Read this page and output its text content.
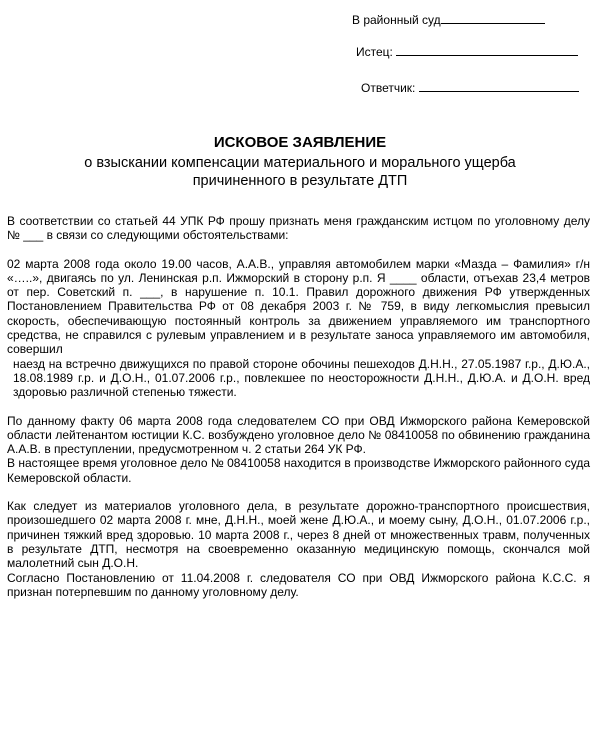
В районный суд
Истец:
Ответчик:
ИСКОВОЕ ЗАЯВЛЕНИЕ
о взыскании компенсации материального и морального ущерба причиненного в результате ДТП

В соответствии со статьей 44 УПК РФ прошу признать меня гражданским истцом по уголовному делу № ___ в связи со следующими обстоятельствами:

02 марта 2008 года около 19.00 часов, А.А.В., управляя автомобилем марки «Мазда – Фамилия» г/н «…..», двигаясь по ул. Ленинская р.п. Ижморский в сторону р.п. Я ____ области, отъехав 23,4 метров от пер. Советский п. ___, в нарушение п. 10.1. Правил дорожного движения РФ утвержденных Постановлением Правительства РФ от 08 декабря 2003 г. № 759, в виду легкомыслия превысил скорость, обеспечивающую постоянный контроль за движением управляемого им транспортного средства, не справился с рулевым управлением и в результате заноса управляемого им автомобиля, совершил

наезд на встречно движущихся по правой стороне обочины пешеходов Д.Н.Н., 27.05.1987 г.р., Д.Ю.А., 18.08.1989 г.р. и Д.О.Н., 01.07.2006 г.р., повлекшее по неосторожности Д.Н.Н., Д.Ю.А. и Д.О.Н. вред здоровью различной степенью тяжести.

По данному факту 06 марта 2008 года следователем СО при ОВД Ижморского района Кемеровской области лейтенантом юстиции К.С. возбуждено уголовное дело № 08410058 по обвинению гражданина А.А.В. в преступлении, предусмотренном ч. 2 статьи 264 УК РФ.

В настоящее время уголовное дело № 08410058 находится в производстве Ижморского районного суда Кемеровской области.

Как следует из материалов уголовного дела, в результате дорожно-транспортного происшествия, произошедшего 02 марта 2008 г. мне, Д.Н.Н., моей жене Д.Ю.А., и моему сыну, Д.О.Н., 01.07.2006 г.р., причинен тяжкий вред здоровью. 10 марта 2008 г., через 8 дней от множественных травм, полученных в результате ДТП, несмотря на своевременно оказанную медицинскую помощь, скончался мой малолетний сын Д.О.Н.

Согласно Постановлению от 11.04.2008 г. следователя СО при ОВД Ижморского района К.С.С. я признан потерпевшим по данному уголовному делу.
